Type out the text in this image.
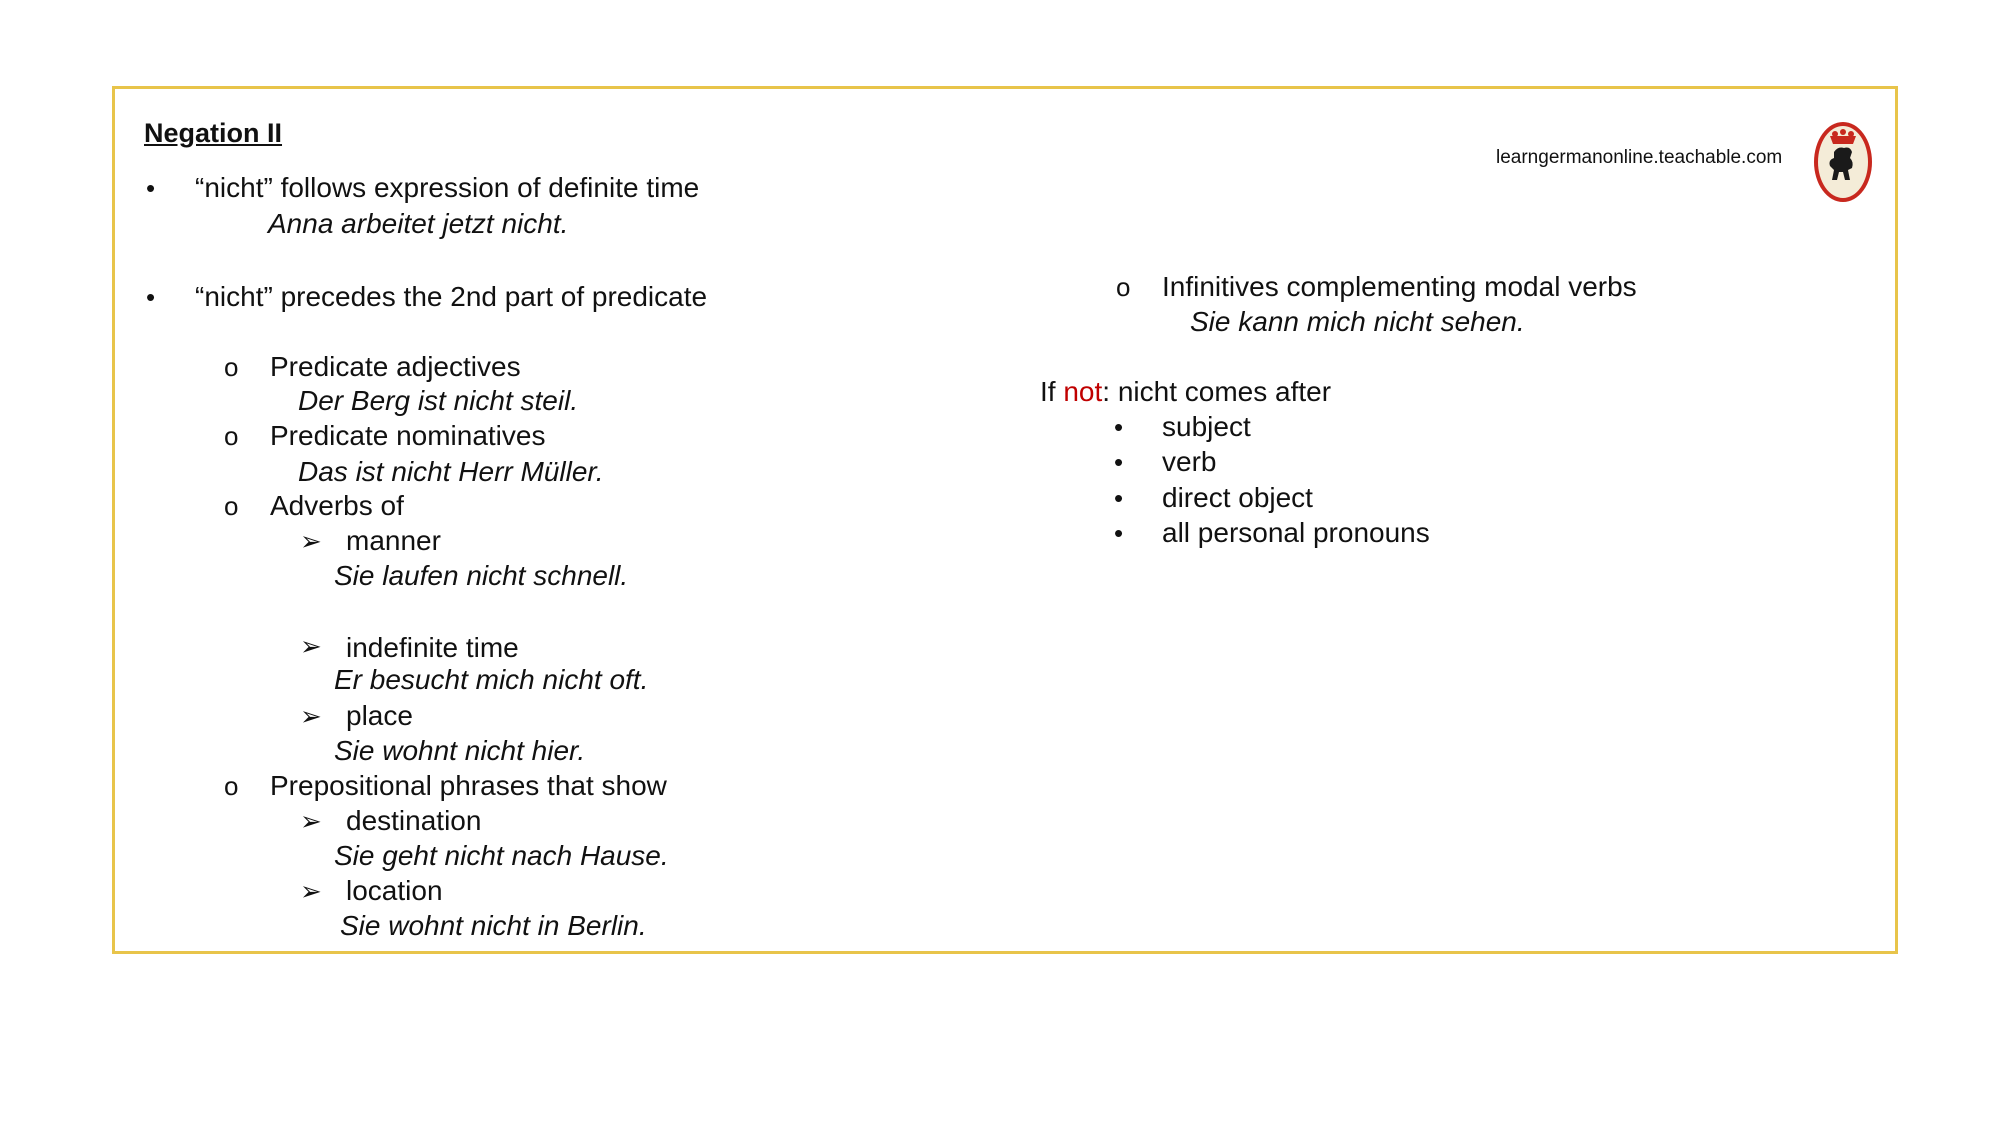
Negation II
learngermanonline.teachable.com
• “nicht” follows expression of definite time
Anna arbeitet jetzt nicht.
• “nicht” precedes the 2nd part of predicate
o Predicate adjectives
Der Berg ist nicht steil.
o Predicate nominatives
Das ist nicht Herr Müller.
o Adverbs of
➢ manner
Sie laufen nicht schnell.
➢ indefinite time
Er besucht mich nicht oft.
➢ place
Sie wohnt nicht hier.
o Prepositional phrases that show
➢ destination
Sie geht nicht nach Hause.
➢ location
Sie wohnt nicht in Berlin.
o Infinitives complementing modal verbs
Sie kann mich nicht sehen.
If not: nicht comes after
• subject
• verb
• direct object
• all personal pronouns
